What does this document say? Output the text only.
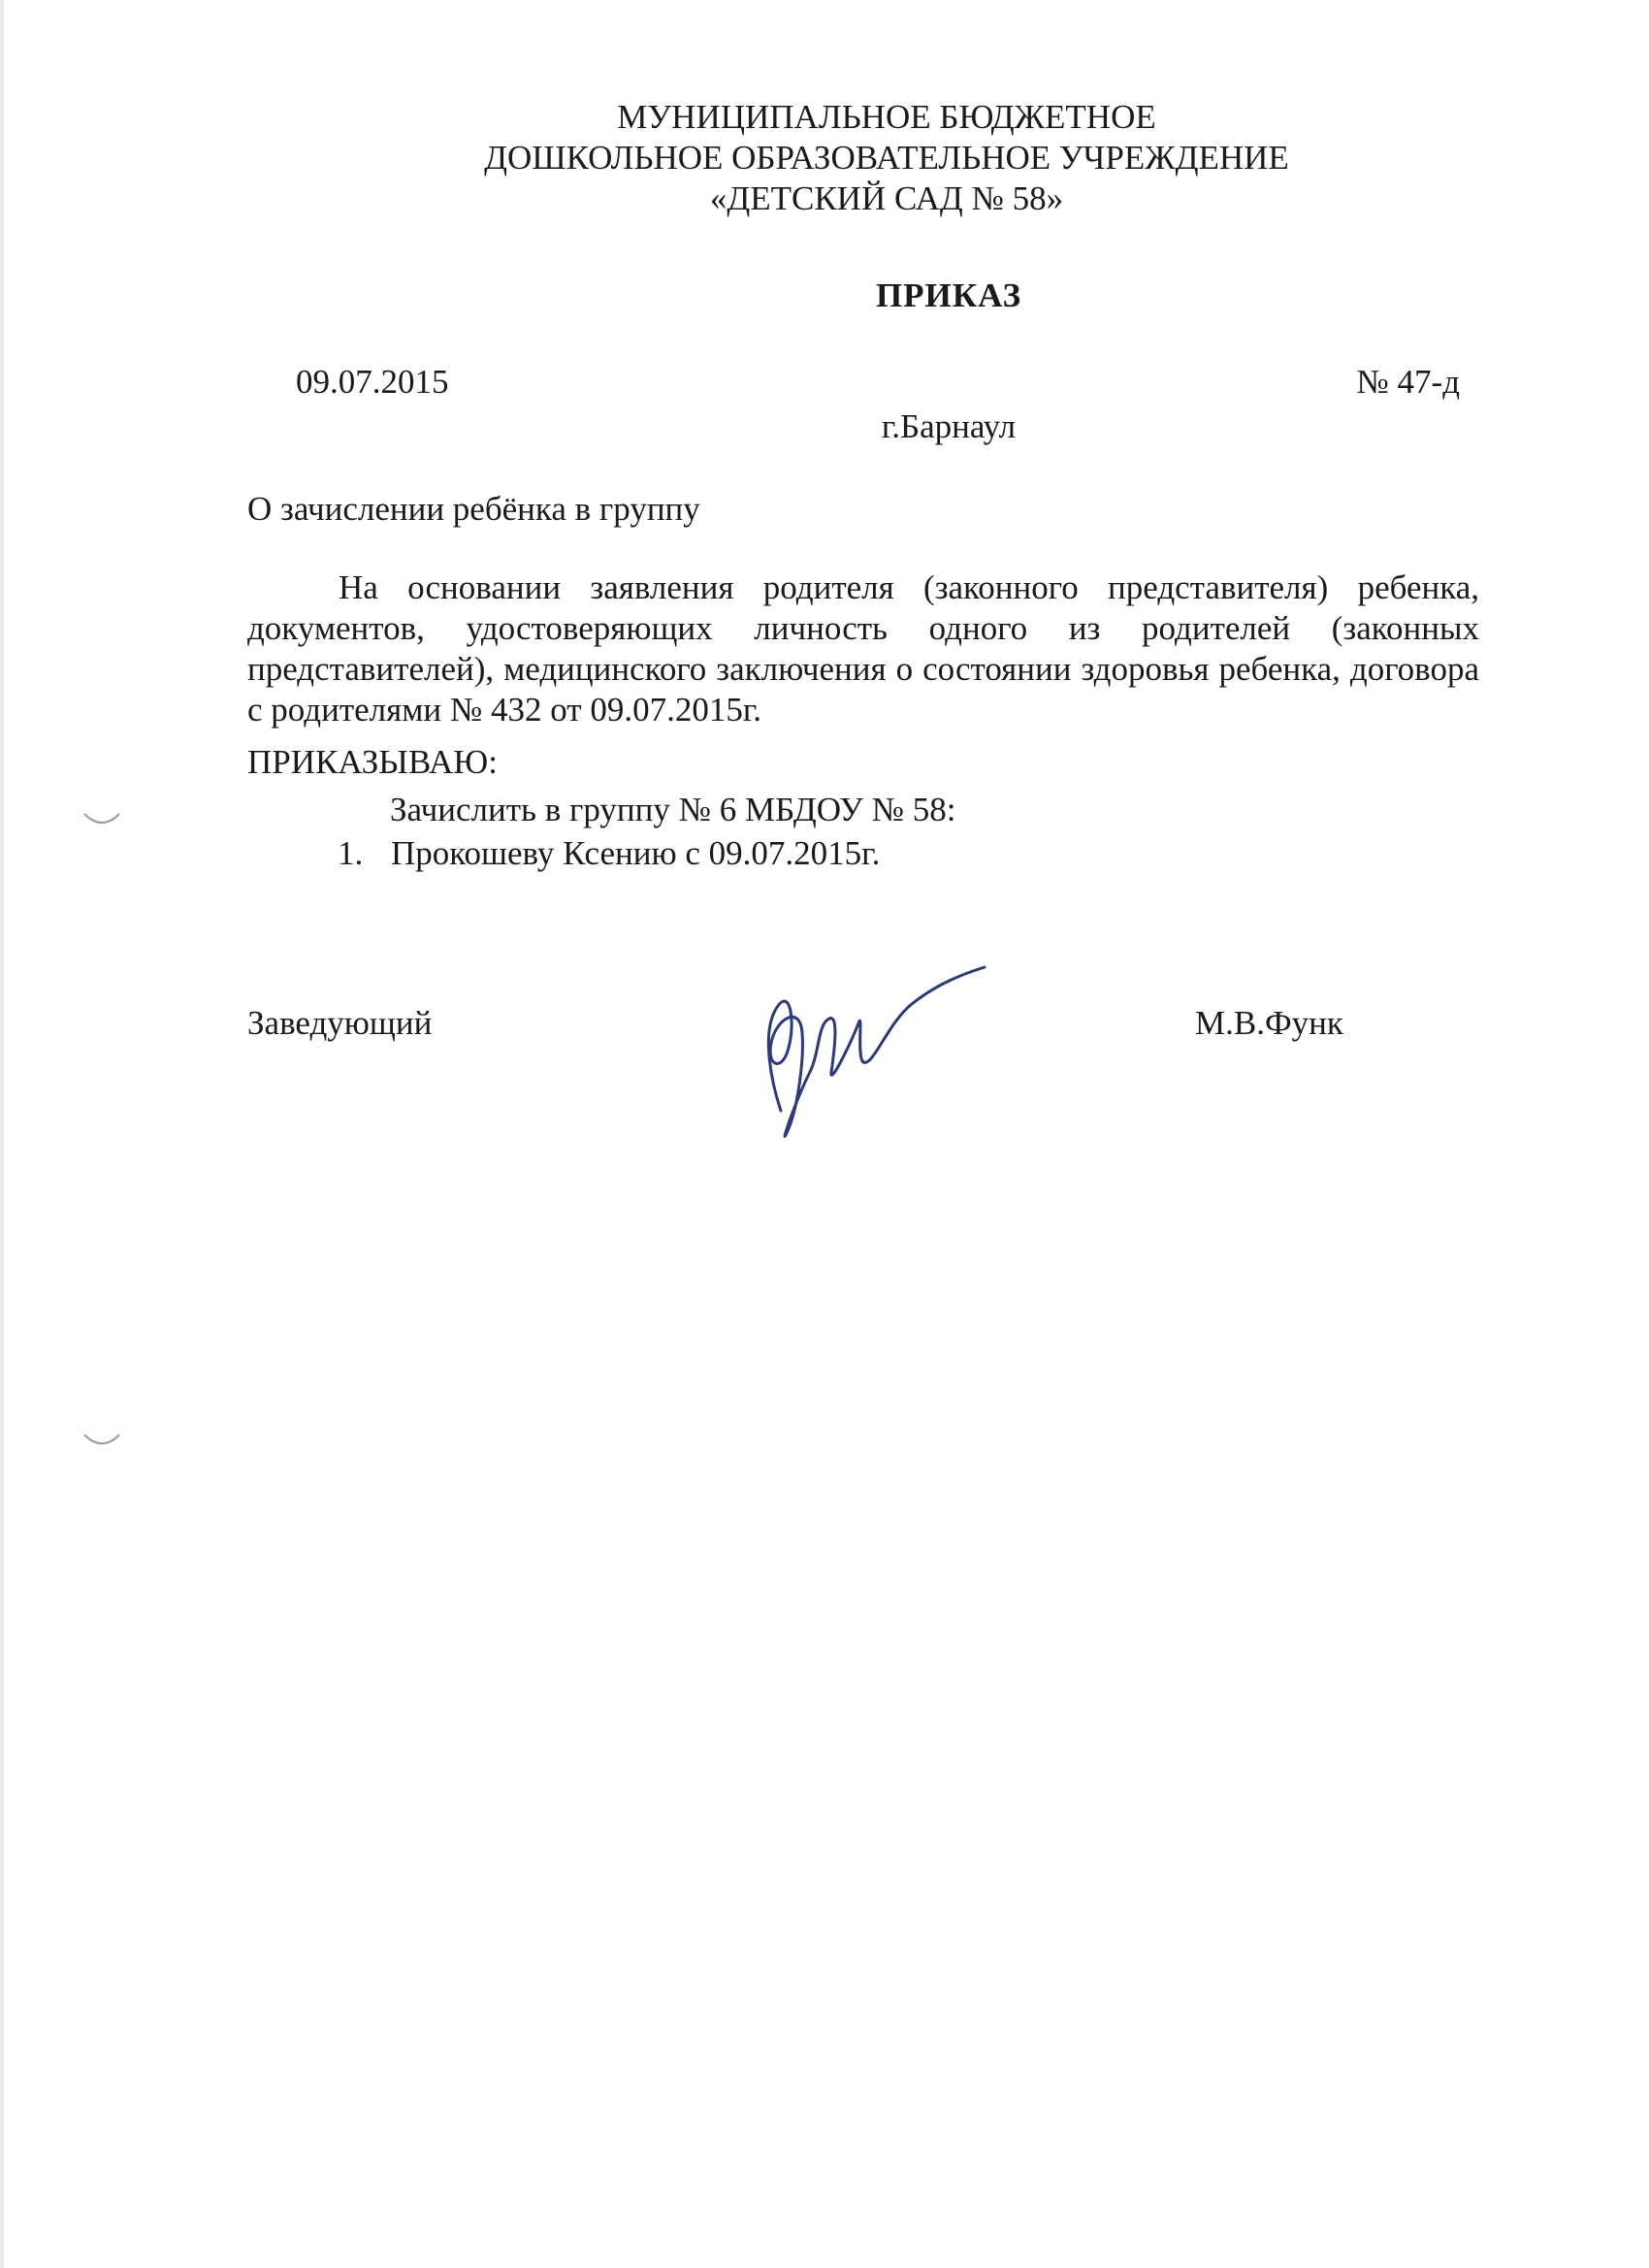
МУНИЦИПАЛЬНОЕ БЮДЖЕТНОЕ
ДОШКОЛЬНОЕ ОБРАЗОВАТЕЛЬНОЕ УЧРЕЖДЕНИЕ
«ДЕТСКИЙ САД № 58»
ПРИКАЗ
09.07.2015	№ 47-д
г.Барнаул
О зачислении ребёнка в группу
На основании заявления родителя (законного представителя) ребенка, документов, удостоверяющих личность одного из родителей (законных представителей), медицинского заключения о состоянии здоровья ребенка, договора с родителями № 432 от 09.07.2015г.
ПРИКАЗЫВАЮ:
Зачислить в группу № 6 МБДОУ № 58:
1. Прокошеву Ксению с 09.07.2015г.
Заведующий	М.В.Функ
